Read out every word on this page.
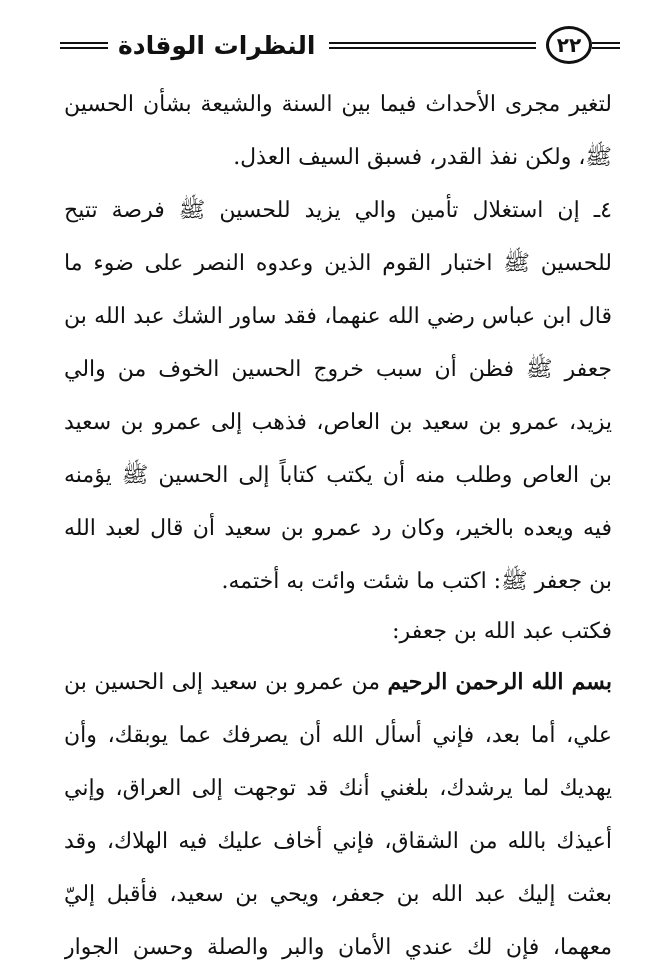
النظرات الوقادة	٢٢
لتغير مجرى الأحداث فيما بين السنة والشيعة بشأن الحسين
ﷺ، ولكن نفذ القدر، فسبق السيف العذل.
٤ـ إن استغلال تأمين والي يزيد للحسين ﷺ فرصة تتيح
للحسين ﷺ اختبار القوم الذين وعدوه النصر على ضوء ما
قال ابن عباس رضي الله عنهما، فقد ساور الشك عبد الله بن
جعفر ﷺ فظن أن سبب خروج الحسين الخوف من والي
يزيد، عمرو بن سعيد بن العاص، فذهب إلى عمرو بن سعيد
بن العاص وطلب منه أن يكتب كتاباً إلى الحسين ﷺ يؤمنه
فيه ويعده بالخير، وكان رد عمرو بن سعيد أن قال لعبد الله
بن جعفر ﷺ: اكتب ما شئت وائت به أختمه.
فكتب عبد الله بن جعفر:
بسم الله الرحمن الرحيم من عمرو بن سعيد إلى الحسين بن
علي، أما بعد، فإني أسأل الله أن يصرفك عما يوبقك، وأن
يهديك لما يرشدك، بلغني أنك قد توجهت إلى العراق، وإني
أعيذك بالله من الشقاق، فإني أخاف عليك فيه الهلاك، وقد
بعثت إليك عبد الله بن جعفر، ويحي بن سعيد، فأقبل إليّ
معهما، فإن لك عندي الأمان والبر والصلة وحسن الجوار
